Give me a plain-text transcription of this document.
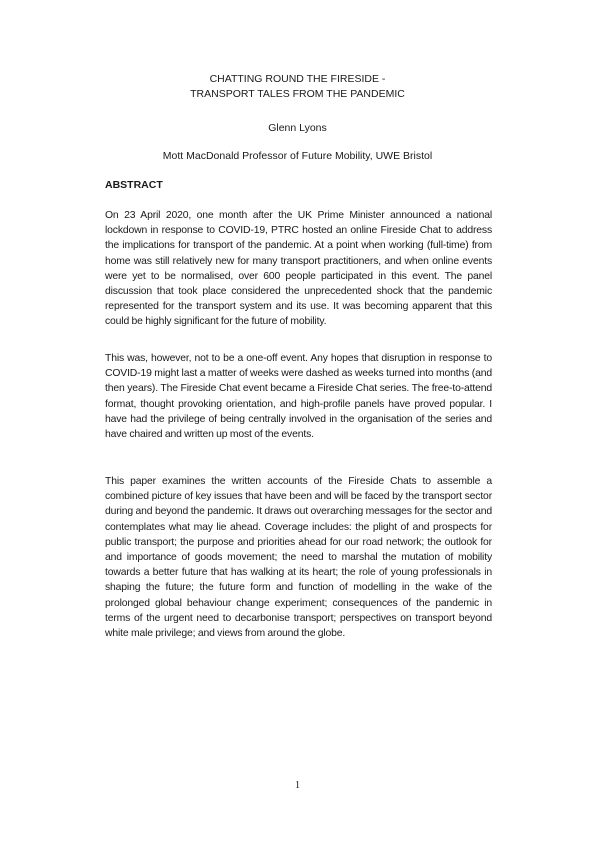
CHATTING ROUND THE FIRESIDE -
TRANSPORT TALES FROM THE PANDEMIC
Glenn Lyons
Mott MacDonald Professor of Future Mobility, UWE Bristol
ABSTRACT

On 23 April 2020, one month after the UK Prime Minister announced a national lockdown in response to COVID-19, PTRC hosted an online Fireside Chat to address the implications for transport of the pandemic. At a point when working (full-time) from home was still relatively new for many transport practitioners, and when online events were yet to be normalised, over 600 people participated in this event. The panel discussion that took place considered the unprecedented shock that the pandemic represented for the transport system and its use. It was becoming apparent that this could be highly significant for the future of mobility.

This was, however, not to be a one-off event. Any hopes that disruption in response to COVID-19 might last a matter of weeks were dashed as weeks turned into months (and then years). The Fireside Chat event became a Fireside Chat series. The free-to-attend format, thought provoking orientation, and high-profile panels have proved popular. I have had the privilege of being centrally involved in the organisation of the series and have chaired and written up most of the events.

This paper examines the written accounts of the Fireside Chats to assemble a combined picture of key issues that have been and will be faced by the transport sector during and beyond the pandemic. It draws out overarching messages for the sector and contemplates what may lie ahead. Coverage includes: the plight of and prospects for public transport; the purpose and priorities ahead for our road network; the outlook for and importance of goods movement; the need to marshal the mutation of mobility towards a better future that has walking at its heart; the role of young professionals in shaping the future; the future form and function of modelling in the wake of the prolonged global behaviour change experiment; consequences of the pandemic in terms of the urgent need to decarbonise transport; perspectives on transport beyond white male privilege; and views from around the globe.

1
